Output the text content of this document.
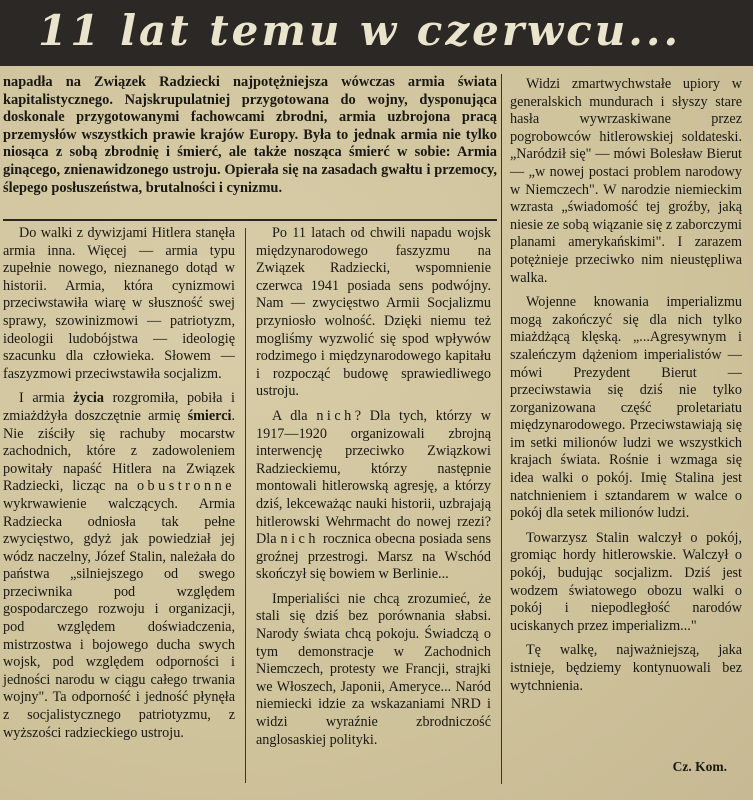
11 lat temu w czerwcu...
napadła na Związek Radziecki najpotężniejsza wówczas armia świata kapitalistycznego. Najskrupulatniej przygotowana do wojny, dysponująca doskonale przygotowanymi fachowcami zbrodni, armia uzbrojona pracą przemysłów wszystkich prawie krajów Europy. Była to jednak armia nie tylko niosąca z sobą zbrodnię i śmierć, ale także nosząca śmierć w sobie: Armia ginącego, znienawidzonego ustroju. Opierała się na zasadach gwałtu i przemocy, ślepego posłuszeństwa, brutalności i cynizmu.

Do walki z dywizjami Hitlera stanęła armia inna. Więcej — armia typu zupełnie nowego, nieznanego dotąd w historii. Armia, która cynizmowi przeciwstawiła wiarę w słuszność swej sprawy, szowinizmowi — patriotyzm, ideologii ludobójstwa — ideologię szacunku dla człowieka. Słowem — faszyzmowi przeciwstawiła socjalizm.

I armia życia rozgromiła, pobiła i zmiażdżyła doszczętnie armię śmierci. Nie ziściły się rachuby mocarstw zachodnich, które z zadowoleniem powitały napaść Hitlera na Związek Radziecki, licząc na obustronne wykrwawienie walczących. Armia Radziecka odniosła tak pełne zwycięstwo, gdyż jak powiedział jej wódz naczelny, Józef Stalin, należała do państwa „silniejszego od swego przeciwnika pod względem gospodarczego rozwoju i organizacji, pod względem doświadczenia, mistrzostwa i bojowego ducha swych wojsk, pod względem odporności i jedności narodu w ciągu całego trwania wojny". Ta odporność i jedność płynęła z socjalistycznego patriotyzmu, z wyższości radzieckiego ustroju.

Po 11 latach od chwili napadu wojsk międzynarodowego faszyzmu na Związek Radziecki, wspomnienie czerwca 1941 posiada sens podwójny. Nam — zwycięstwo Armii Socjalizmu przyniosło wolność. Dzięki niemu też mogliśmy wyzwolić się spod wpływów rodzimego i międzynarodowego kapitału i rozpocząć budowę sprawiedliwego ustroju.

A dla nich? Dla tych, którzy w 1917—1920 organizowali zbrojną interwencję przeciwko Związkowi Radzieckiemu, którzy następnie montowali hitlerowską agresję, a którzy dziś, lekceważąc nauki historii, uzbrajają hitlerowski Wehrmacht do nowej rzezi? Dla nich rocznica obecna posiada sens groźnej przestrogi. Marsz na Wschód skończył się bowiem w Berlinie...

Imperialiści nie chcą zrozumieć, że stali się dziś bez porównania słabsi. Narody świata chcą pokoju. Świadczą o tym demonstracje w Zachodnich Niemczech, protesty we Francji, strajki we Włoszech, Japonii, Ameryce... Naród niemiecki idzie za wskazaniami NRD i widzi wyraźnie zbrodniczość anglosaskiej polityki.

Widzi zmartwychwstałe upiory w generalskich mundurach i słyszy stare hasła wywrzaskiwane przez pogrobowców hitlerowskiej soldateski. „Naródził się" — mówi Bolesław Bierut — „w nowej postaci problem narodowy w Niemczech". W narodzie niemieckim wzrasta „świadomość tej groźby, jaką niesie ze sobą wiązanie się z zaborczymi planami amerykańskimi". I zarazem potężnieje przeciwko nim nieustępliwa walka.

Wojenne knowania imperializmu mogą zakończyć się dla nich tylko miażdżącą klęską. „...Agresywnym i szaleńczym dążeniom imperialistów — mówi Prezydent Bierut — przeciwstawia się dziś nie tylko zorganizowana część proletariatu międzynarodowego. Przeciwstawiają się im setki milionów ludzi we wszystkich krajach świata. Rośnie i wzmaga się idea walki o pokój. Imię Stalina jest natchnieniem i sztandarem w walce o pokój dla setek milionów ludzi.

Towarzysz Stalin walczył o pokój, gromiąc hordy hitlerowskie. Walczył o pokój, budując socjalizm. Dziś jest wodzem światowego obozu walki o pokój i niepodległość narodów uciskanych przez imperializm..."

Tę walkę, najważniejszą, jaka istnieje, będziemy kontynuowali bez wytchnienia.

Cz. Kom.
